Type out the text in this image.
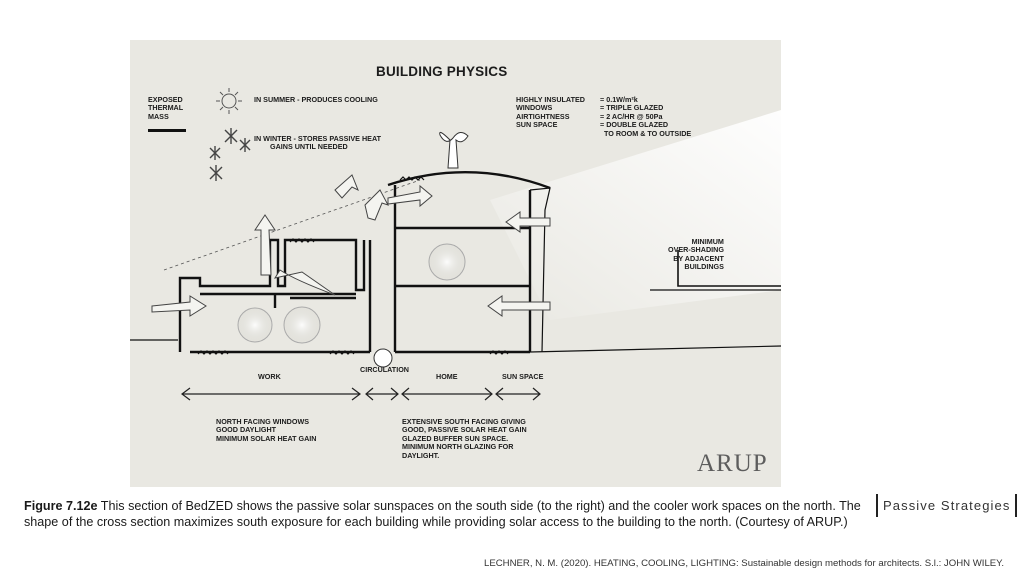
BUILDING PHYSICS
EXPOSED
THERMAL
MASS
IN SUMMER - PRODUCES COOLING
IN WINTER - STORES PASSIVE HEAT
GAINS UNTIL NEEDED
HIGHLY INSULATED
WINDOWS
AIRTIGHTNESS
SUN SPACE
= 0.1W/m²k
= TRIPLE GLAZED
= 2 AC/HR @ 50Pa
= DOUBLE GLAZED
TO ROOM & TO OUTSIDE
MINIMUM
OVER-SHADING
BY ADJACENT
BUILDINGS
WORK
CIRCULATION
HOME	SUN SPACE
NORTH FACING WINDOWS
GOOD DAYLIGHT
MINIMUM SOLAR HEAT GAIN
EXTENSIVE SOUTH FACING GIVING
GOOD, PASSIVE SOLAR HEAT GAIN
GLAZED BUFFER SUN SPACE.
MINIMUM NORTH GLAZING FOR
DAYLIGHT.	ARUP
Figure 7.12e This section of BedZED shows the passive solar sunspaces on the south side (to the right) and the cooler work spaces on the north. The shape of the cross section maximizes south exposure for each building while providing solar access to the building to the north. (Courtesy of ARUP.)
Passive Strategies
LECHNER, N. M. (2020). HEATING, COOLING, LIGHTING: Sustainable design methods for architects. S.l.: JOHN WILEY.
